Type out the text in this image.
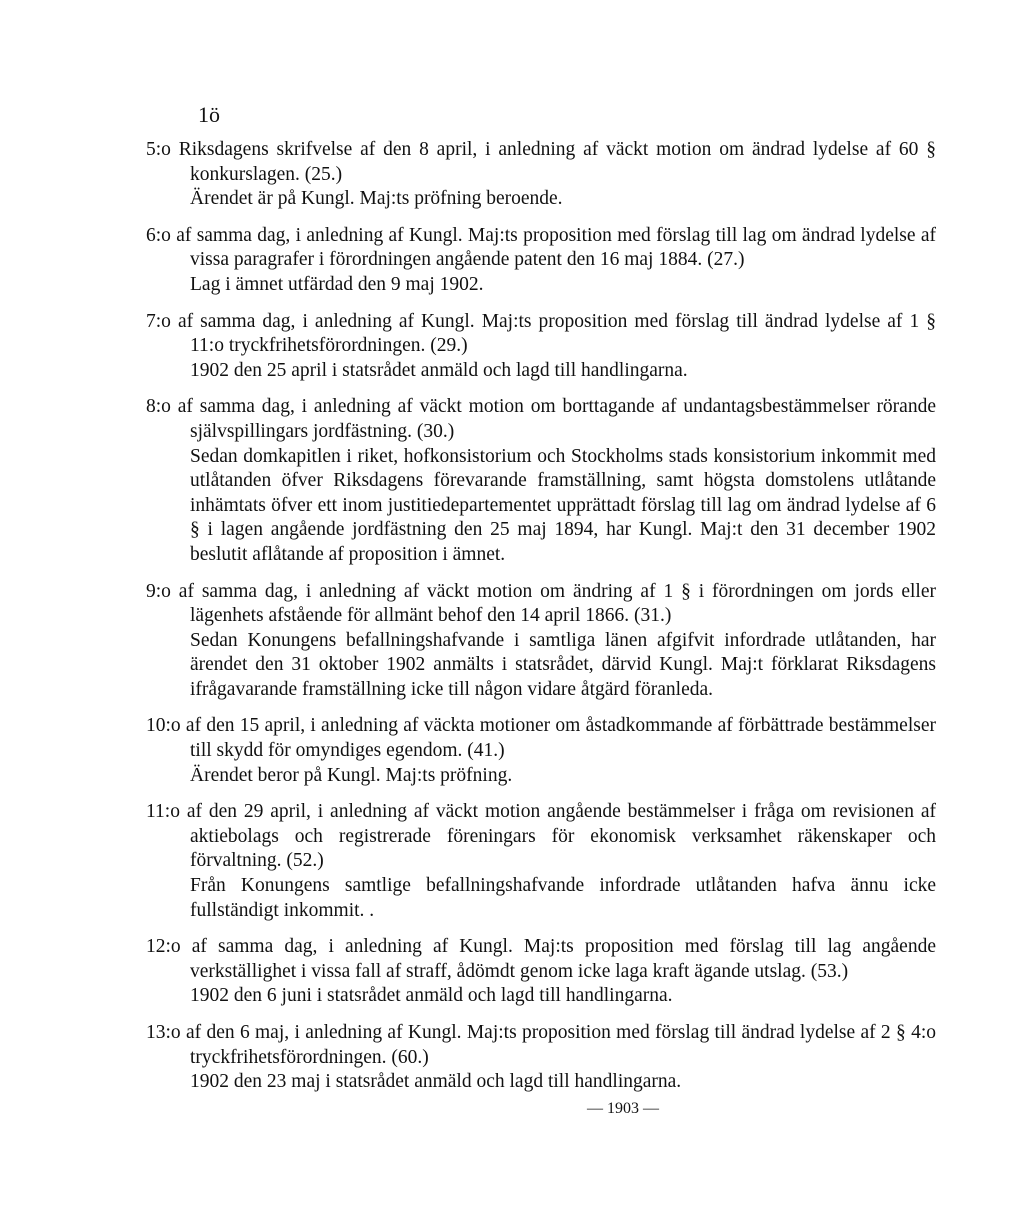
1ö

5:o Riksdagens skrifvelse af den 8 april, i anledning af väckt motion om ändrad lydelse af 60 § konkurslagen. (25.)

Ärendet är på Kungl. Maj:ts pröfning beroende.

6:o af samma dag, i anledning af Kungl. Maj:ts proposition med förslag till lag om ändrad lydelse af vissa paragrafer i förordningen angående patent den 16 maj 1884. (27.)

Lag i ämnet utfärdad den 9 maj 1902.

7:o af samma dag, i anledning af Kungl. Maj:ts proposition med förslag till ändrad lydelse af 1 § 11:o tryckfrihetsförordningen. (29.)

1902 den 25 april i statsrådet anmäld och lagd till handlingarna.

8:o af samma dag, i anledning af väckt motion om borttagande af undantagsbestämmelser rörande självspillingars jordfästning. (30.)

Sedan domkapitlen i riket, hofkonsistorium och Stockholms stads konsistorium inkommit med utlåtanden öfver Riksdagens förevarande framställning, samt högsta domstolens utlåtande inhämtats öfver ett inom justitiedepartementet upprättadt förslag till lag om ändrad lydelse af 6 § i lagen angående jordfästning den 25 maj 1894, har Kungl. Maj:t den 31 december 1902 beslutit aflåtande af proposition i ämnet.

9:o af samma dag, i anledning af väckt motion om ändring af 1 § i förordningen om jords eller lägenhets afstående för allmänt behof den 14 april 1866. (31.)

Sedan Konungens befallningshafvande i samtliga länen afgifvit infordrade utlåtanden, har ärendet den 31 oktober 1902 anmälts i statsrådet, därvid Kungl. Maj:t förklarat Riksdagens ifrågavarande framställning icke till någon vidare åtgärd föranleda.

10:o af den 15 april, i anledning af väckta motioner om åstadkommande af förbättrade bestämmelser till skydd för omyndiges egendom. (41.)

Ärendet beror på Kungl. Maj:ts pröfning.

11:o af den 29 april, i anledning af väckt motion angående bestämmelser i fråga om revisionen af aktiebolags och registrerade föreningars för ekonomisk verksamhet räkenskaper och förvaltning. (52.)

Från Konungens samtlige befallningshafvande infordrade utlåtanden hafva ännu icke fullständigt inkommit. .

12:o af samma dag, i anledning af Kungl. Maj:ts proposition med förslag till lag angående verkställighet i vissa fall af straff, ådömdt genom icke laga kraft ägande utslag. (53.)

1902 den 6 juni i statsrådet anmäld och lagd till handlingarna.

13:o af den 6 maj, i anledning af Kungl. Maj:ts proposition med förslag till ändrad lydelse af 2 § 4:o tryckfrihetsförordningen. (60.)

1902 den 23 maj i statsrådet anmäld och lagd till handlingarna.

— 1903 —
